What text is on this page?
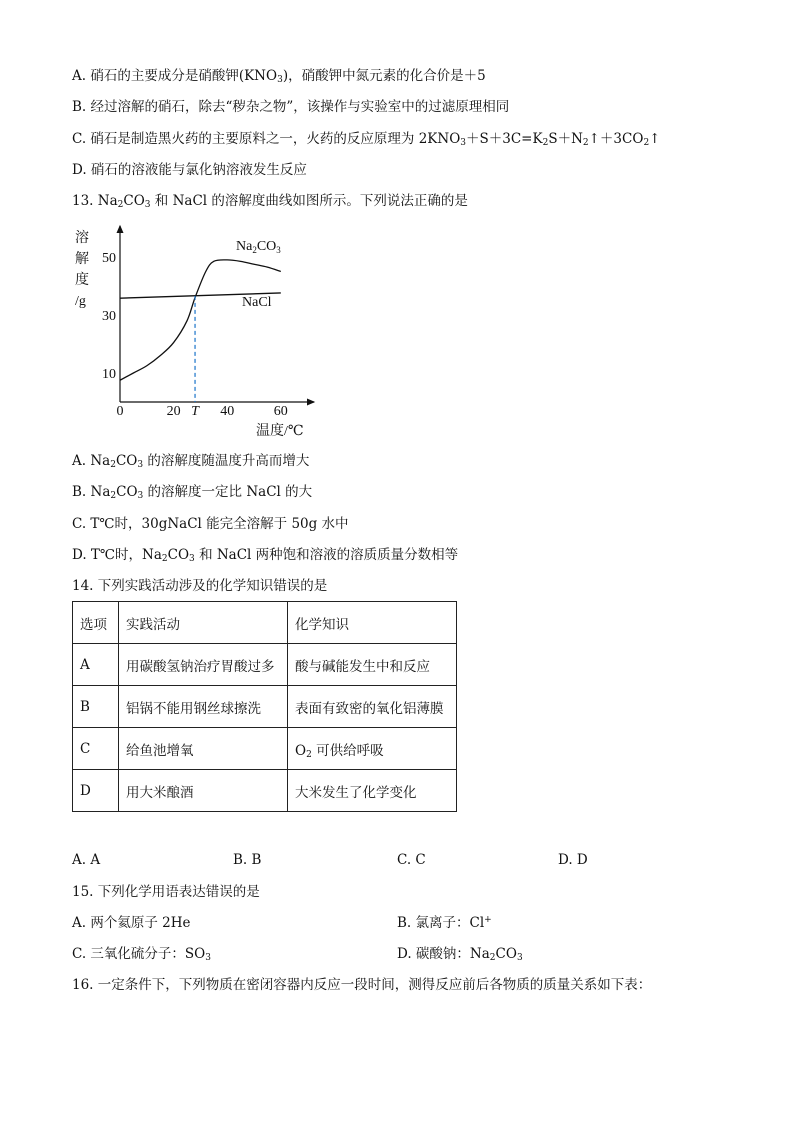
A. 硝石的主要成分是硝酸钾$(KNO_3)$，硝酸钾中氮元素的化合价是＋5
B. 经过溶解的硝石，除去“秽杂之物”，该操作与实验室中的过滤原理相同
C. 硝石是制造黑火药的主要原料之一，火药的反应原理为 $2KNO_3+S+3C=K_2S+N_2↑+3CO_2↑$
D. 硝石的溶液能与氯化钠溶液发生反应
13. $Na_2CO_3$ 和 NaCl 的溶解度曲线如图所示。下列说法正确的是
溶
解
度
/g
0	20 T 40	60
10
30
50
$Na_2CO_3$
NaCl
温度/℃
A. $Na_2CO_3$ 的溶解度随温度升高而增大
B. $Na_2CO_3$ 的溶解度一定比 NaCl 的大
C. T℃时，30gNaCl 能完全溶解于 50g 水中
D. T℃时，$Na_2CO_3$ 和 NaCl 两种饱和溶液的溶质质量分数相等
14. 下列实践活动涉及的化学知识错误的是
选项	实践活动	化学知识
A	用碳酸氢钠治疗胃酸过多	酸与碱能发生中和反应
B	铝锅不能用钢丝球擦洗	表面有致密的氧化铝薄膜
C	给鱼池增氧	$O_2$ 可供给呼吸
D	用大米酿酒	大米发生了化学变化
A. A	B. B	C. C	D. D
15. 下列化学用语表达错误的是
A. 两个氦原子 2He	B. 氯离子：Cl+
C. 三氧化硫分子：$SO_3$	D. 碳酸钠：$Na_2CO_3$
16. 一定条件下，下列物质在密闭容器内反应一段时间，测得反应前后各物质的质量关系如下表：
